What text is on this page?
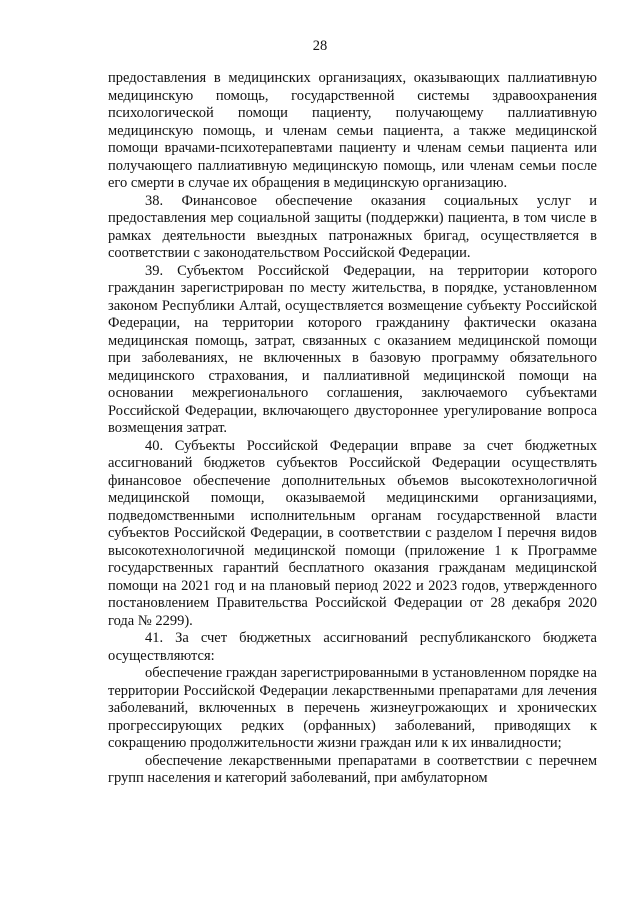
28

предоставления в медицинских организациях, оказывающих паллиативную медицинскую помощь, государственной системы здравоохранения психологической помощи пациенту, получающему паллиативную медицинскую помощь, и членам семьи пациента, а также медицинской помощи врачами-психотерапевтами пациенту и членам семьи пациента или получающего паллиативную медицинскую помощь, или членам семьи после его смерти в случае их обращения в медицинскую организацию.

38. Финансовое обеспечение оказания социальных услуг и предоставления мер социальной защиты (поддержки) пациента, в том числе в рамках деятельности выездных патронажных бригад, осуществляется в соответствии с законодательством Российской Федерации.

39. Субъектом Российской Федерации, на территории которого гражданин зарегистрирован по месту жительства, в порядке, установленном законом Республики Алтай, осуществляется возмещение субъекту Российской Федерации, на территории которого гражданину фактически оказана медицинская помощь, затрат, связанных с оказанием медицинской помощи при заболеваниях, не включенных в базовую программу обязательного медицинского страхования, и паллиативной медицинской помощи на основании межрегионального соглашения, заключаемого субъектами Российской Федерации, включающего двустороннее урегулирование вопроса возмещения затрат.

40. Субъекты Российской Федерации вправе за счет бюджетных ассигнований бюджетов субъектов Российской Федерации осуществлять финансовое обеспечение дополнительных объемов высокотехнологичной медицинской помощи, оказываемой медицинскими организациями, подведомственными исполнительным органам государственной власти субъектов Российской Федерации, в соответствии с разделом I перечня видов высокотехнологичной медицинской помощи (приложение 1 к Программе государственных гарантий бесплатного оказания гражданам медицинской помощи на 2021 год и на плановый период 2022 и 2023 годов, утвержденного постановлением Правительства Российской Федерации от 28 декабря 2020 года № 2299).

41. За счет бюджетных ассигнований республиканского бюджета осуществляются:

обеспечение граждан зарегистрированными в установленном порядке на территории Российской Федерации лекарственными препаратами для лечения заболеваний, включенных в перечень жизнеугрожающих и хронических прогрессирующих редких (орфанных) заболеваний, приводящих к сокращению продолжительности жизни граждан или к их инвалидности;

обеспечение лекарственными препаратами в соответствии с перечнем групп населения и категорий заболеваний, при амбулаторном
